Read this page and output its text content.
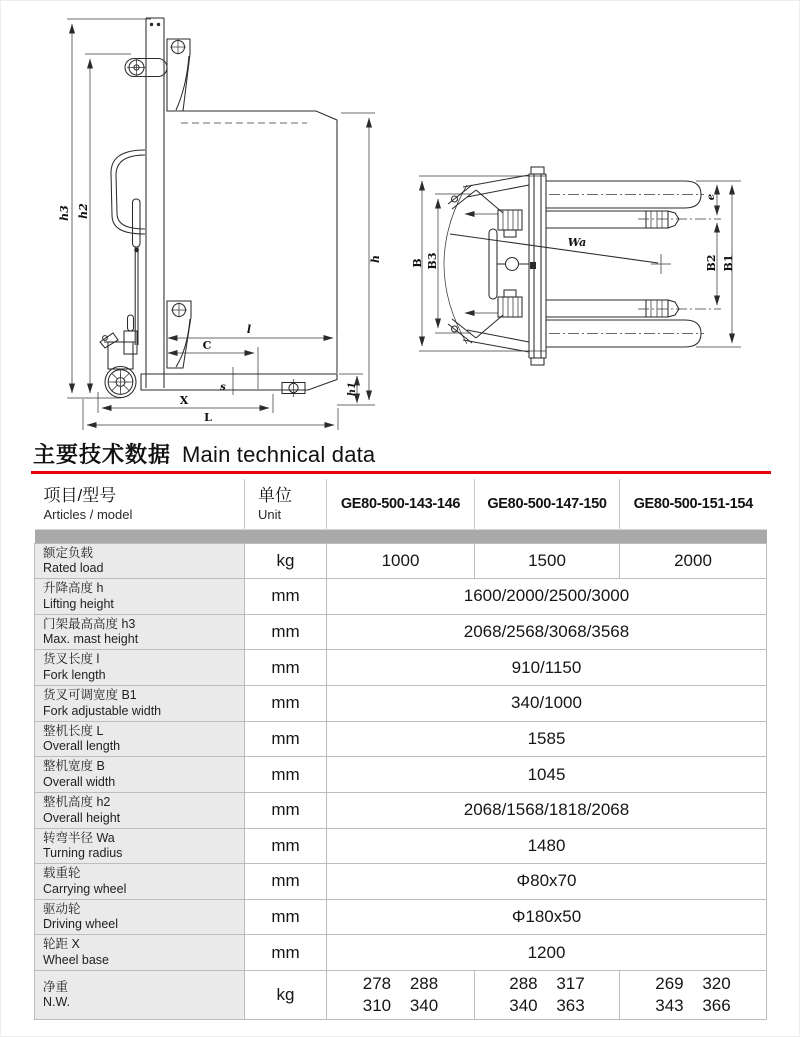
h3 h2
h
h1
l
C
s
X
L
B B3
Wa
e
B2 B1
主要技术数据 Main technical data
项目/型号
Articles / model

单位
Unit
	GE80-500-143-146	GE80-500-147-150	GE80-500-151-154

额定负载
Rated load	kg	1000	1500	2000

升降高度 h
Lifting height	mm	1600/2000/2500/3000		

门架最高高度 h3
Max. mast height	mm	2068/2568/3068/3568		

货叉长度 l
Fork length	mm	910/1150		

货叉可调宽度 B1
Fork adjustable width	mm	340/1000		

整机长度 L
Overall length	mm	1585		

整机宽度 B
Overall width	mm	1045		

整机高度 h2
Overall height	mm	2068/1568/1818/2068		

转弯半径 Wa
Turning radius	mm	1480		

载重轮
Carrying wheel	mm	Φ80x70		

驱动轮
Driving wheel	mm	Φ180x50		

轮距 X
Wheel base	mm	1200		

净重
N.W.	kg	
278 288
310 340

288 317
340 363

269 320
343 366
